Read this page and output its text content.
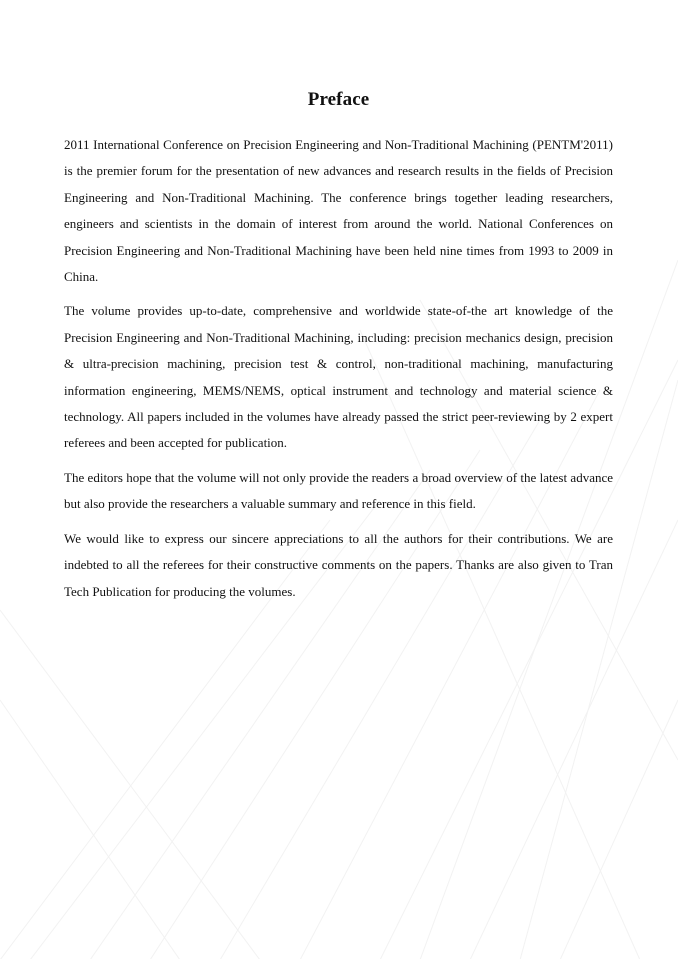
Preface

2011 International Conference on Precision Engineering and Non-Traditional Machining (PENTM'2011) is the premier forum for the presentation of new advances and research results in the fields of Precision Engineering and Non-Traditional Machining. The conference brings together leading researchers, engineers and scientists in the domain of interest from around the world. National Conferences on Precision Engineering and Non-Traditional Machining have been held nine times from 1993 to 2009 in China.

The volume provides up-to-date, comprehensive and worldwide state-of-the art knowledge of the Precision Engineering and Non-Traditional Machining, including: precision mechanics design, precision & ultra-precision machining, precision test & control, non-traditional machining, manufacturing information engineering, MEMS/NEMS, optical instrument and technology and material science & technology. All papers included in the volumes have already passed the strict peer-reviewing by 2 expert referees and been accepted for publication.

The editors hope that the volume will not only provide the readers a broad overview of the latest advance but also provide the researchers a valuable summary and reference in this field.

We would like to express our sincere appreciations to all the authors for their contributions. We are indebted to all the referees for their constructive comments on the papers. Thanks are also given to Tran Tech Publication for producing the volumes.
